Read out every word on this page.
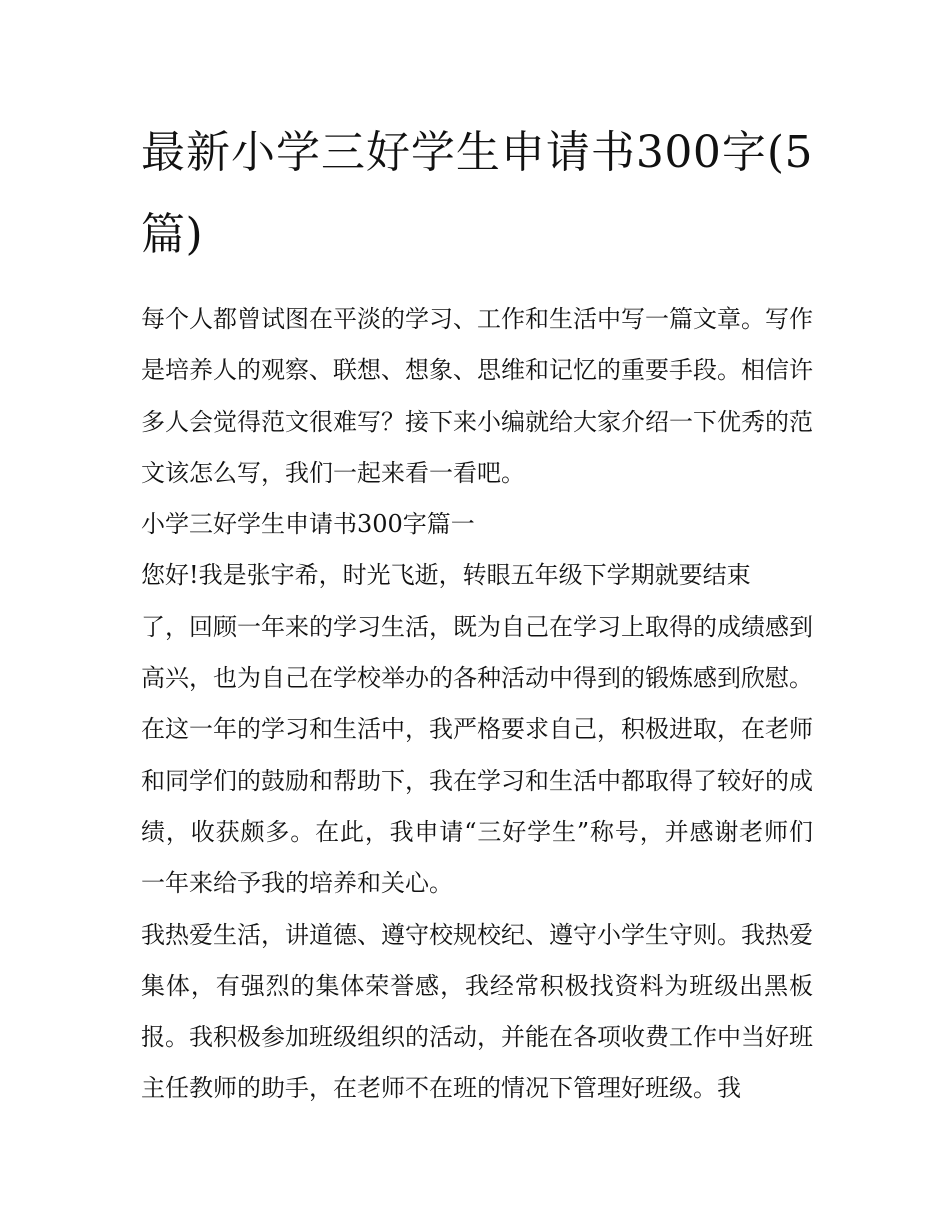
最新小学三好学生申请书300字(5篇)

每个人都曾试图在平淡的学习、工作和生活中写一篇文章。写作是培养人的观察、联想、想象、思维和记忆的重要手段。相信许多人会觉得范文很难写？接下来小编就给大家介绍一下优秀的范文该怎么写，我们一起来看一看吧。

小学三好学生申请书300字篇一

您好!我是张宇希，时光飞逝，转眼五年级下学期就要结束
了，回顾一年来的学习生活，既为自己在学习上取得的成绩感到高兴，也为自己在学校举办的各种活动中得到的锻炼感到欣慰。在这一年的学习和生活中，我严格要求自己，积极进取，在老师和同学们的鼓励和帮助下，我在学习和生活中都取得了较好的成绩，收获颇多。在此，我申请“三好学生”称号，并感谢老师们一年来给予我的培养和关心。

我热爱生活，讲道德、遵守校规校纪、遵守小学生守则。我热爱集体，有强烈的集体荣誉感，我经常积极找资料为班级出黑板报。我积极参加班级组织的活动，并能在各项收费工作中当好班主任教师的助手，在老师不在班的情况下管理好班级。我
